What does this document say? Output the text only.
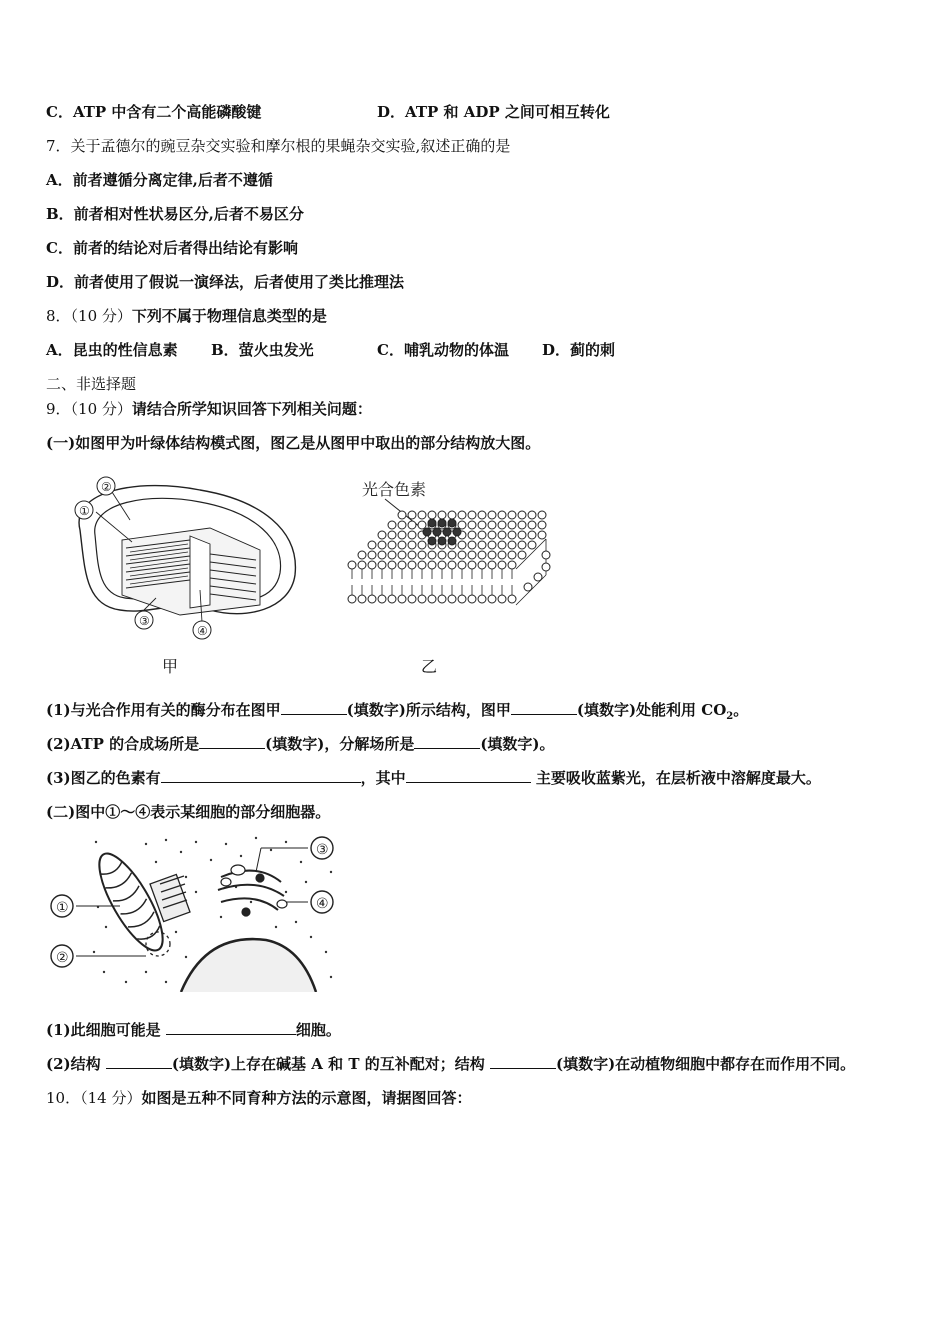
C．ATP 中含有二个高能磷酸键	D．ATP 和 ADP 之间可相互转化
7．关于孟德尔的豌豆杂交实验和摩尔根的果蝇杂交实验,叙述正确的是
A．前者遵循分离定律,后者不遵循
B．前者相对性状易区分,后者不易区分
C．前者的结论对后者得出结论有影响
D．前者使用了假说一演绎法，后者使用了类比推理法
8．（10 分）下列不属于物理信息类型的是
A．昆虫的性信息素 B．萤火虫发光	C．哺乳动物的体温 D．蓟的刺
二、非选择题
9．（10 分）请结合所学知识回答下列相关问题：
(一)如图甲为叶绿体结构模式图，图乙是从图甲中取出的部分结构放大图。
①
②
③
④
甲
光合色素
乙
(1)与光合作用有关的酶分布在图甲	(填数字)所示结构，图甲	(填数字)处能利用 $CO_2$。
(2)ATP 的合成场所是	(填数字)，分解场所是	(填数字)。
(3)图乙的色素有	，其中	主要吸收蓝紫光，在层析液中溶解度最大。
(二)图中①～④表示某细胞的部分细胞器。
①
②
③
④
(1)此细胞可能是	细胞。
(2)结构	(填数字)上存在碱基 A 和 T 的互补配对；结构	(填数字)在动植物细胞中都存在而作用不同。
10．（14 分）如图是五种不同育种方法的示意图，请据图回答：
